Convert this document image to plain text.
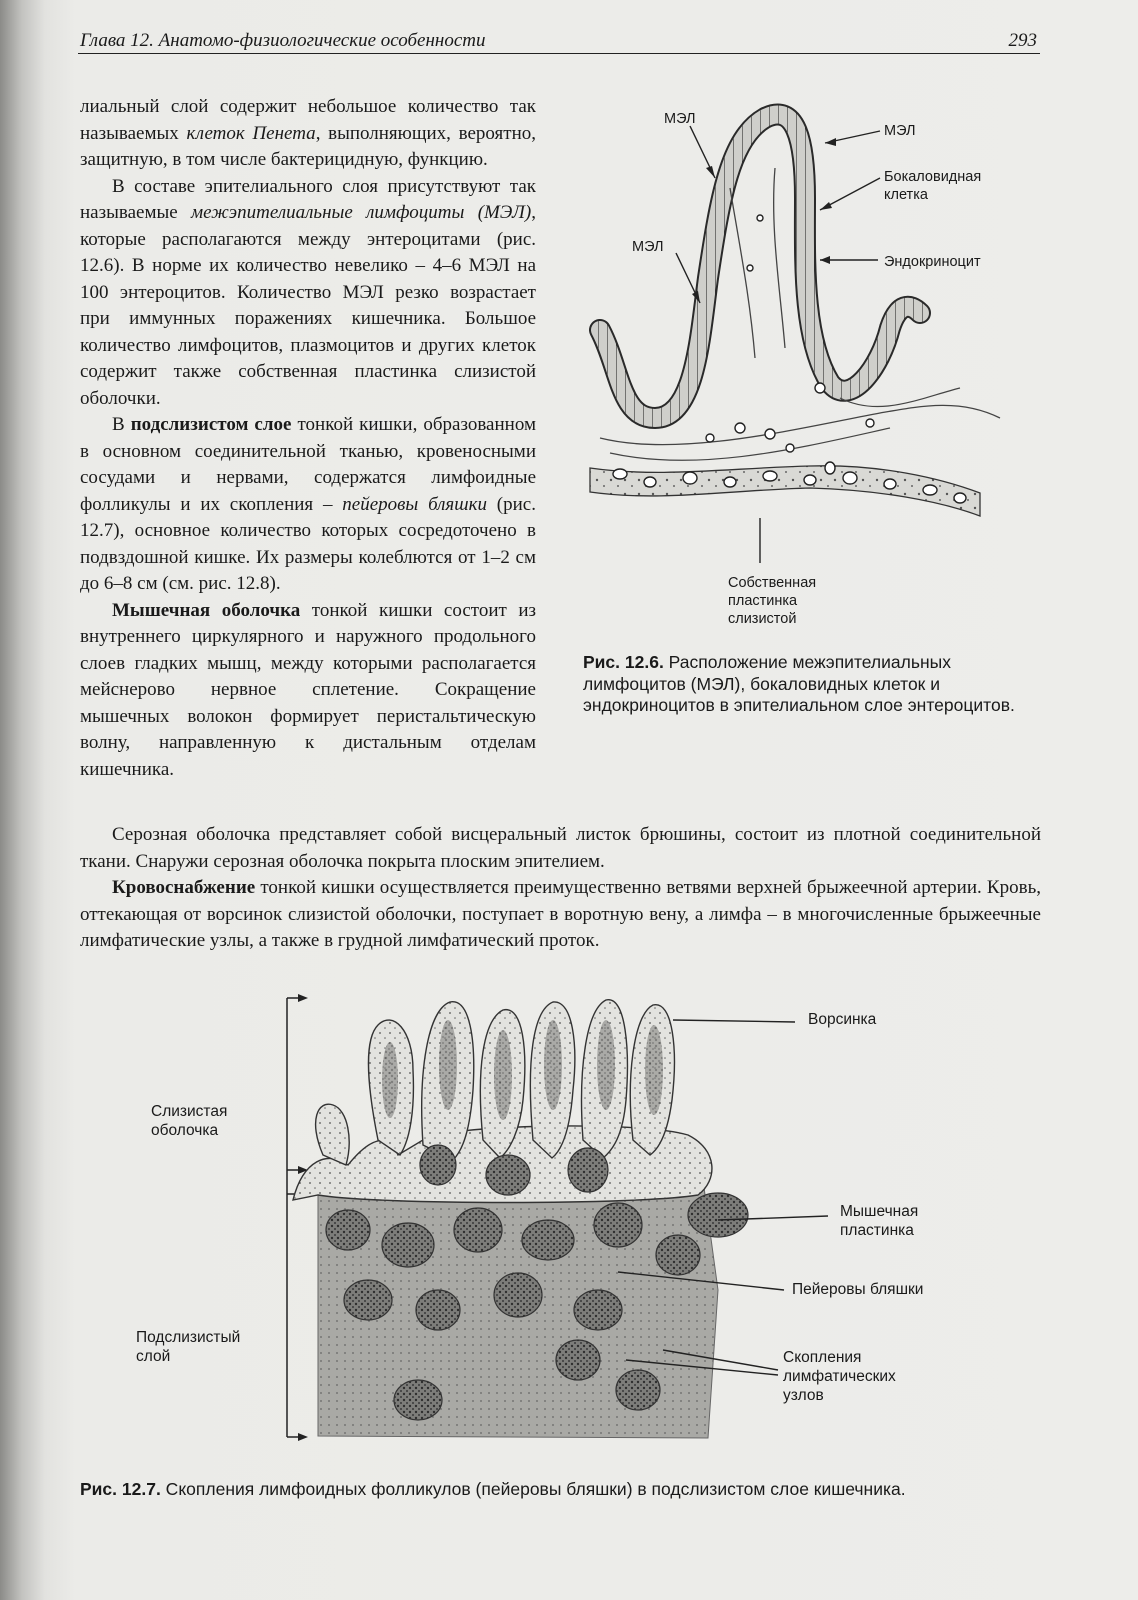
Глава 12. Анатомо-физиологические особенности	293

лиальный слой содержит небольшое количество так называемых клеток Пенета, выполняющих, вероятно, защитную, в том числе бактерицидную, функцию.

В составе эпителиального слоя присутствуют так называемые межэпителиальные лимфоциты (МЭЛ), которые располагаются между энтероцитами (рис. 12.6). В норме их количество невелико – 4–6 МЭЛ на 100 энтероцитов. Количество МЭЛ резко возрастает при иммунных поражениях кишечника. Большое количество лимфоцитов, плазмоцитов и других клеток содержит также собственная пластинка слизистой оболочки.

В подслизистом слое тонкой кишки, образованном в основном соединительной тканью, кровеносными сосудами и нервами, содержатся лимфоидные фолликулы и их скопления – пейеровы бляшки (рис. 12.7), основное количество которых сосредоточено в подвздошной кишке. Их размеры колеблются от 1–2 см до 6–8 см (см. рис. 12.8).

Мышечная оболочка тонкой кишки состоит из внутреннего циркулярного и наружного продольного слоев гладких мышц, между которыми располагается мейснерово нервное сплетение. Сокращение мышечных волокон формирует перистальтическую волну, направленную к дистальным отделам кишечника.

Серозная оболочка представляет собой висцеральный листок брюшины, состоит из плотной соединительной ткани. Снаружи серозная оболочка покрыта плоским эпителием.

Кровоснабжение тонкой кишки осуществляется преимущественно ветвями верхней брыжеечной артерии. Кровь, оттекающая от ворсинок слизистой оболочки, поступает в воротную вену, а лимфа – в многочисленные брыжеечные лимфатические узлы, а также в грудной лимфатический проток.

МЭЛ
МЭЛ
Бокаловидная
клетка
МЭЛ
Эндокриноцит
Собственная
пластинка
слизистой
Рис. 12.6. Расположение межэпителиальных лимфоцитов (МЭЛ), бокаловидных клеток и эндокриноцитов в эпителиальном слое энтероцитов.
Слизистая
оболочка
Ворсинка
Мышечная
пластинка
Пейеровы бляшки
Подслизистый
слой	Скопления
лимфатических
узлов
Рис. 12.7. Скопления лимфоидных фолликулов (пейеровы бляшки) в подслизистом слое кишечника.
